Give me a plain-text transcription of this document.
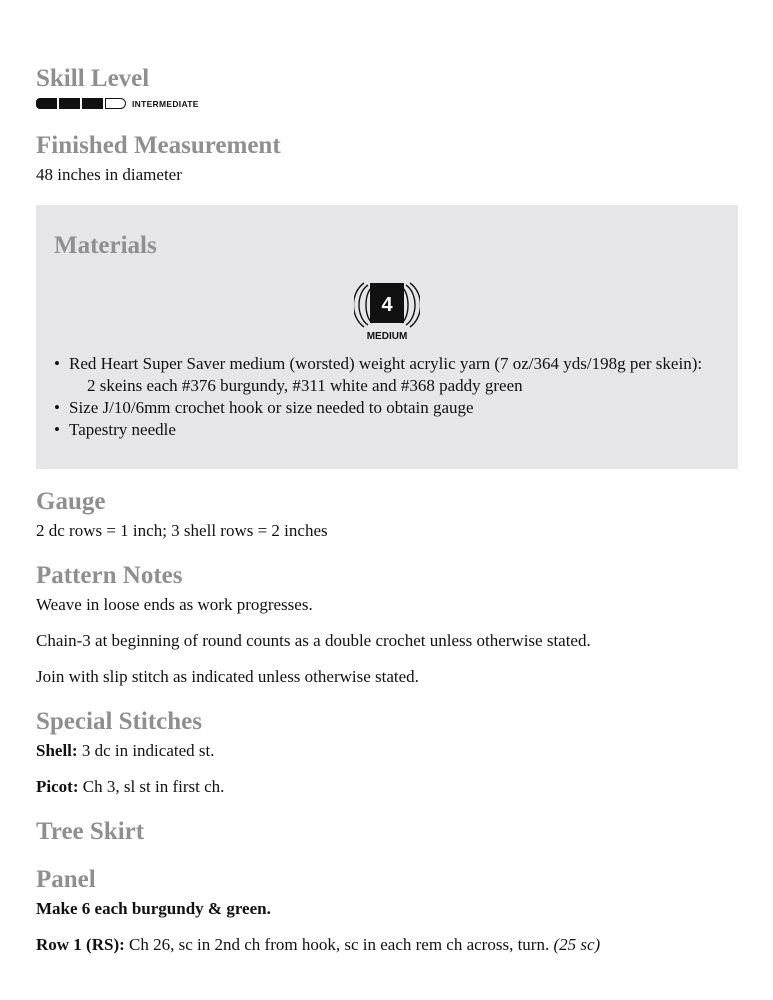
Skill Level
INTERMEDIATE
Finished Measurement

48 inches in diameter

Materials
4
MEDIUM
• Red Heart Super Saver medium (worsted) weight acrylic yarn (7 oz/364 yds/198g per skein):
2 skeins each #376 burgundy, #311 white and #368 paddy green
• Size J/10/6mm crochet hook or size needed to obtain gauge
• Tapestry needle
Gauge

2 dc rows = 1 inch; 3 shell rows = 2 inches

Pattern Notes

Weave in loose ends as work progresses.

Chain-3 at beginning of round counts as a double crochet unless otherwise stated.

Join with slip stitch as indicated unless otherwise stated.

Special Stitches

Shell: 3 dc in indicated st.

Picot: Ch 3, sl st in first ch.

Tree Skirt
Panel

Make 6 each burgundy & green.

Row 1 (RS): Ch 26, sc in 2nd ch from hook, sc in each rem ch across, turn. (25 sc)
